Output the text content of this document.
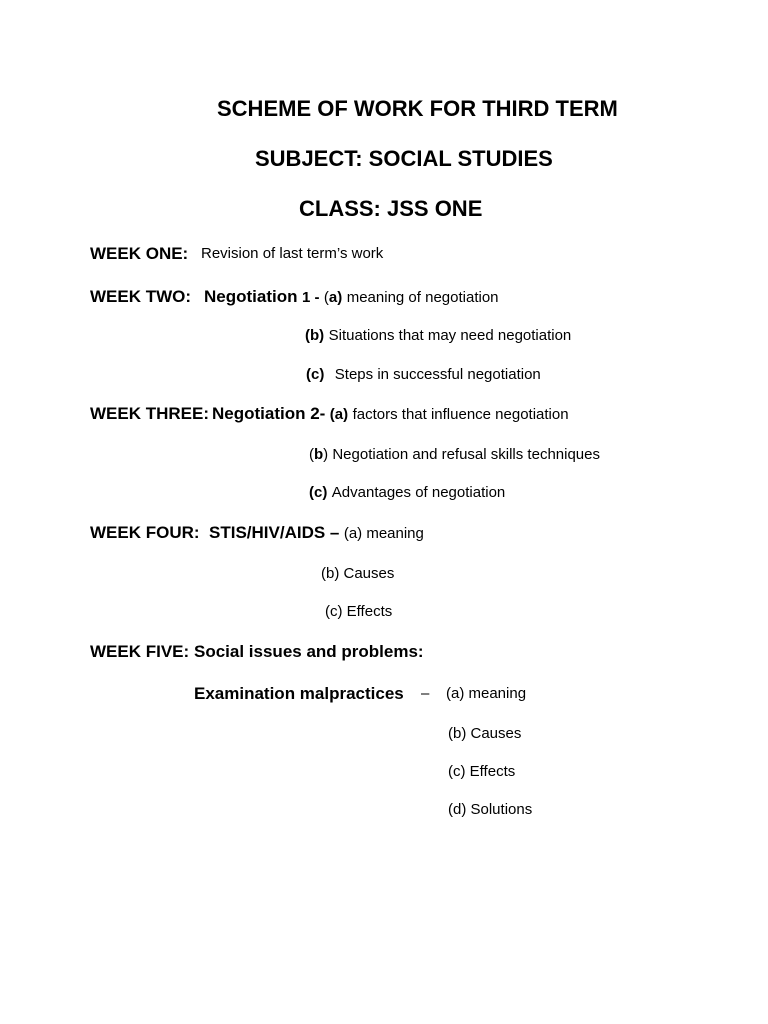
SCHEME OF WORK FOR THIRD TERM
SUBJECT: SOCIAL STUDIES
CLASS: JSS ONE
WEEK ONE: Revision of last term’s work
WEEK TWO: Negotiation 1 - (a) meaning of negotiation
(b) Situations that may need negotiation
(c) Steps in successful negotiation
WEEK THREE: Negotiation 2- (a) factors that influence negotiation
(b) Negotiation and refusal skills techniques
(c) Advantages of negotiation
WEEK FOUR: STIS/HIV/AIDS – (a) meaning
(b) Causes
(c) Effects
WEEK FIVE: Social issues and problems:
Examination malpractices – (a) meaning
(b) Causes
(c) Effects
(d) Solutions
